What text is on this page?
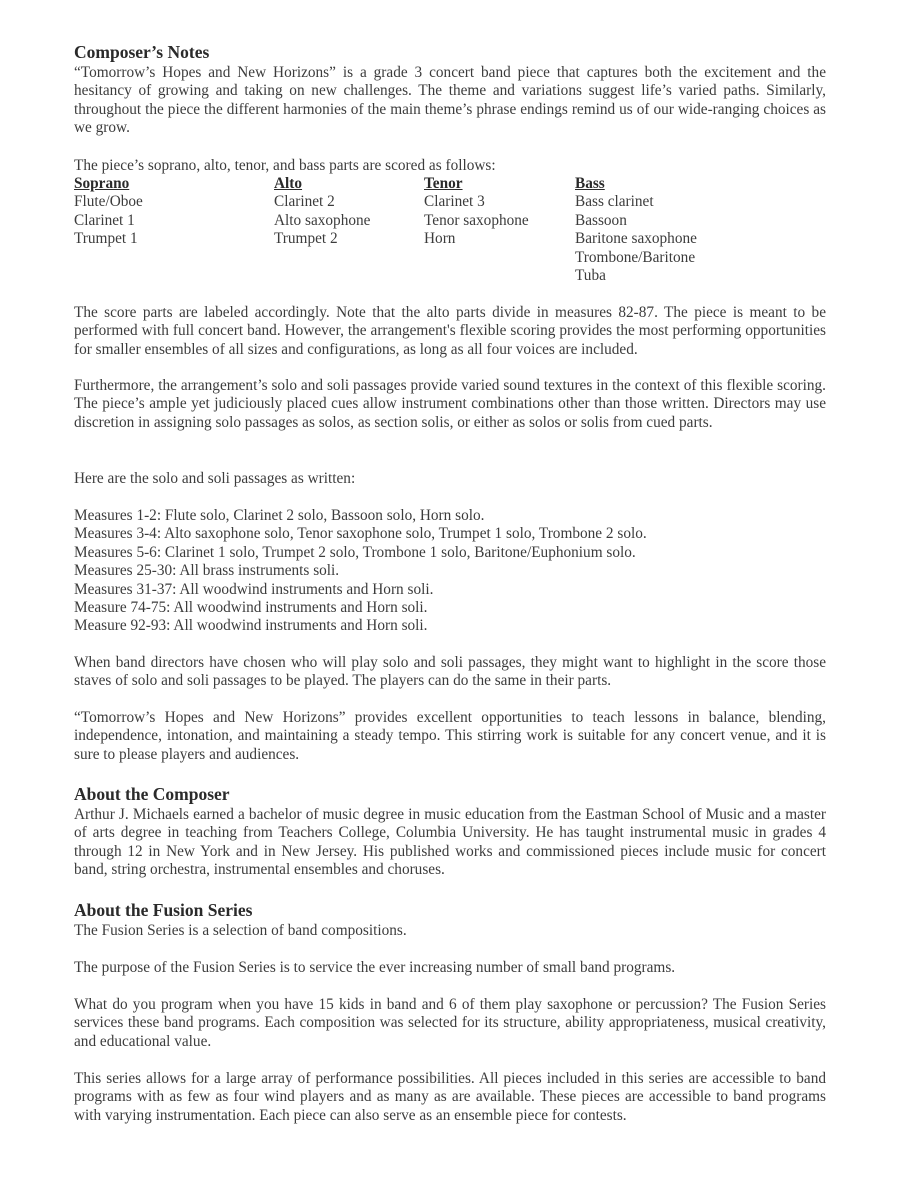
Composer’s Notes

“Tomorrow’s Hopes and New Horizons” is a grade 3 concert band piece that captures both the excitement and the hesitancy of growing and taking on new challenges. The theme and variations suggest life’s varied paths. Similarly, throughout the piece the different harmonies of the main theme’s phrase endings remind us of our wide-ranging choices as we grow.

The piece’s soprano, alto, tenor, and bass parts are scored as follows:

Soprano
Flute/Oboe
Clarinet 1
Trumpet 1
Alto
Clarinet 2
Alto saxophone
Trumpet 2
Tenor
Clarinet 3
Tenor saxophone
Horn
Bass
Bass clarinet
Bassoon
Baritone saxophone
Trombone/Baritone
Tuba

The score parts are labeled accordingly. Note that the alto parts divide in measures 82-87. The piece is meant to be performed with full concert band. However, the arrangement's flexible scoring provides the most performing opportunities for smaller ensembles of all sizes and configurations, as long as all four voices are included.

Furthermore, the arrangement’s solo and soli passages provide varied sound textures in the context of this flexible scoring. The piece’s ample yet judiciously placed cues allow instrument combinations other than those written. Directors may use discretion in assigning solo passages as solos, as section solis, or either as solos or solis from cued parts.

Here are the solo and soli passages as written:

Measures 1-2: Flute solo, Clarinet 2 solo, Bassoon solo, Horn solo.

Measures 3-4: Alto saxophone solo, Tenor saxophone solo, Trumpet 1 solo, Trombone 2 solo.

Measures 5-6: Clarinet 1 solo, Trumpet 2 solo, Trombone 1 solo, Baritone/Euphonium solo.

Measures 25-30: All brass instruments soli.

Measures 31-37: All woodwind instruments and Horn soli.

Measure 74-75: All woodwind instruments and Horn soli.

Measure 92-93: All woodwind instruments and Horn soli.

When band directors have chosen who will play solo and soli passages, they might want to highlight in the score those staves of solo and soli passages to be played. The players can do the same in their parts.

“Tomorrow’s Hopes and New Horizons” provides excellent opportunities to teach lessons in balance, blending, independence, intonation, and maintaining a steady tempo. This stirring work is suitable for any concert venue, and it is sure to please players and audiences.

About the Composer

Arthur J. Michaels earned a bachelor of music degree in music education from the Eastman School of Music and a master of arts degree in teaching from Teachers College, Columbia University. He has taught instrumental music in grades 4 through 12 in New York and in New Jersey. His published works and commissioned pieces include music for concert band, string orchestra, instrumental ensembles and choruses.

About the Fusion Series

The Fusion Series is a selection of band compositions.

The purpose of the Fusion Series is to service the ever increasing number of small band programs.

What do you program when you have 15 kids in band and 6 of them play saxophone or percussion? The Fusion Series services these band programs. Each composition was selected for its structure, ability appropriateness, musical creativity, and educational value.

This series allows for a large array of performance possibilities. All pieces included in this series are accessible to band programs with as few as four wind players and as many as are available. These pieces are accessible to band programs with varying instrumentation. Each piece can also serve as an ensemble piece for contests.
